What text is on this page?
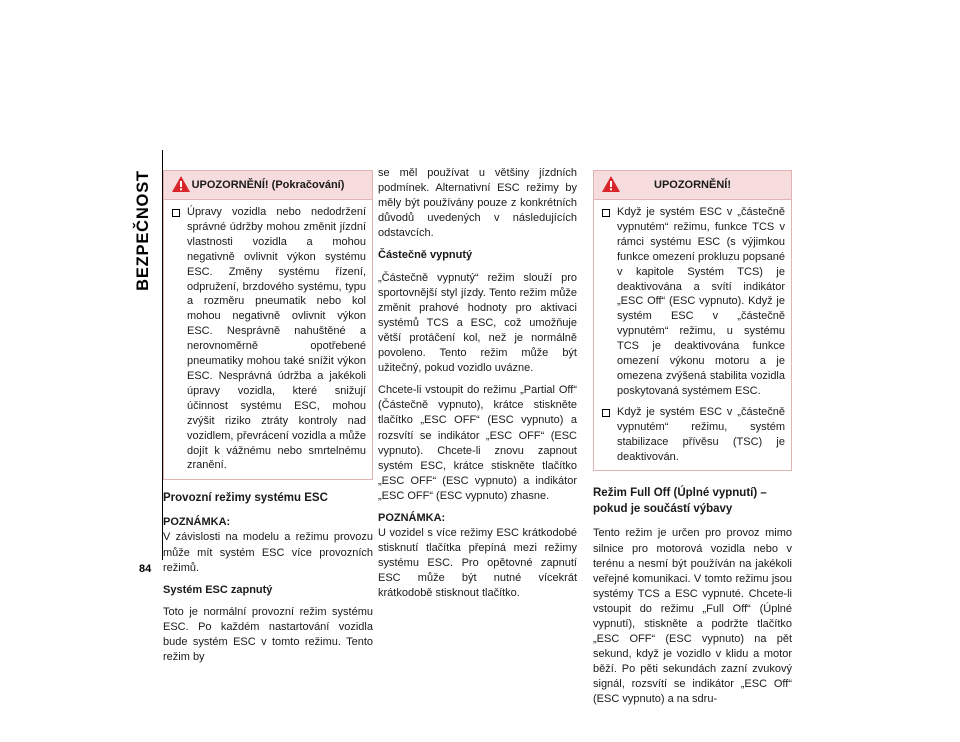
BEZPEČNOST
84
UPOZORNĚNÍ! (Pokračování)
Úpravy vozidla nebo nedodržení správné údržby mohou změnit jízdní vlastnosti vozidla a mohou negativně ovlivnit výkon systému ESC. Změny systému řízení, odpružení, brzdového systému, typu a rozměru pneumatik nebo kol mohou negativně ovlivnit výkon ESC. Nesprávně nahuštěné a nerovnoměrně opotřebené pneumatiky mohou také snížit výkon ESC. Nesprávná údržba a jakékoli úpravy vozidla, které snižují účinnost systému ESC, mohou zvýšit riziko ztráty kontroly nad vozidlem, převrácení vozidla a může dojít k vážnému nebo smrtelnému zranění.
Provozní režimy systému ESC

POZNÁMKA:

V závislosti na modelu a režimu provozu může mít systém ESC více provozních režimů.

Systém ESC zapnutý

Toto je normální provozní režim systému ESC. Po každém nastartování vozidla bude systém ESC v tomto režimu. Tento režim by

se měl používat u většiny jízdních podmínek. Alternativní ESC režimy by měly být používány pouze z konkrétních důvodů uvedených v následujících odstavcích.

Částečně vypnutý

„Částečně vypnutý“ režim slouží pro sportovnější styl jízdy. Tento režim může změnit prahové hodnoty pro aktivaci systémů TCS a ESC, což umožňuje větší protáčení kol, než je normálně povoleno. Tento režim může být užitečný, pokud vozidlo uvázne.

Chcete-li vstoupit do režimu „Partial Off“ (Částečně vypnuto), krátce stiskněte tlačítko „ESC OFF“ (ESC vypnuto) a rozsvítí se indikátor „ESC OFF“ (ESC vypnuto). Chcete-li znovu zapnout systém ESC, krátce stiskněte tlačítko „ESC OFF“ (ESC vypnuto) a indikátor „ESC OFF“ (ESC vypnuto) zhasne.

POZNÁMKA:

U vozidel s více režimy ESC krátkodobé stisknutí tlačítka přepíná mezi režimy systému ESC. Pro opětovné zapnutí ESC může být nutné vícekrát krátkodobě stisknout tlačítko.

UPOZORNĚNÍ!
Když je systém ESC v „částečně vypnutém“ režimu, funkce TCS v rámci systému ESC (s výjimkou funkce omezení prokluzu popsané v kapitole Systém TCS) je deaktivována a svítí indikátor „ESC Off“ (ESC vypnuto). Když je systém ESC v „částečně vypnutém“ režimu, u systému TCS je deaktivována funkce omezení výkonu motoru a je omezena zvýšená stabilita vozidla poskytovaná systémem ESC.
Když je systém ESC v „částečně vypnutém“ režimu, systém stabilizace přívěsu (TSC) je deaktivován.
Režim Full Off (Úplné vypnutí) – pokud je součástí výbavy

Tento režim je určen pro provoz mimo silnice pro motorová vozidla nebo v terénu a nesmí být používán na jakékoli veřejné komunikaci. V tomto režimu jsou systémy TCS a ESC vypnuté. Chcete-li vstoupit do režimu „Full Off“ (Úplné vypnutí), stiskněte a podržte tlačítko „ESC OFF“ (ESC vypnuto) na pět sekund, když je vozidlo v klidu a motor běží. Po pěti sekundách zazní zvukový signál, rozsvítí se indikátor „ESC Off“ (ESC vypnuto) a na sdru-
